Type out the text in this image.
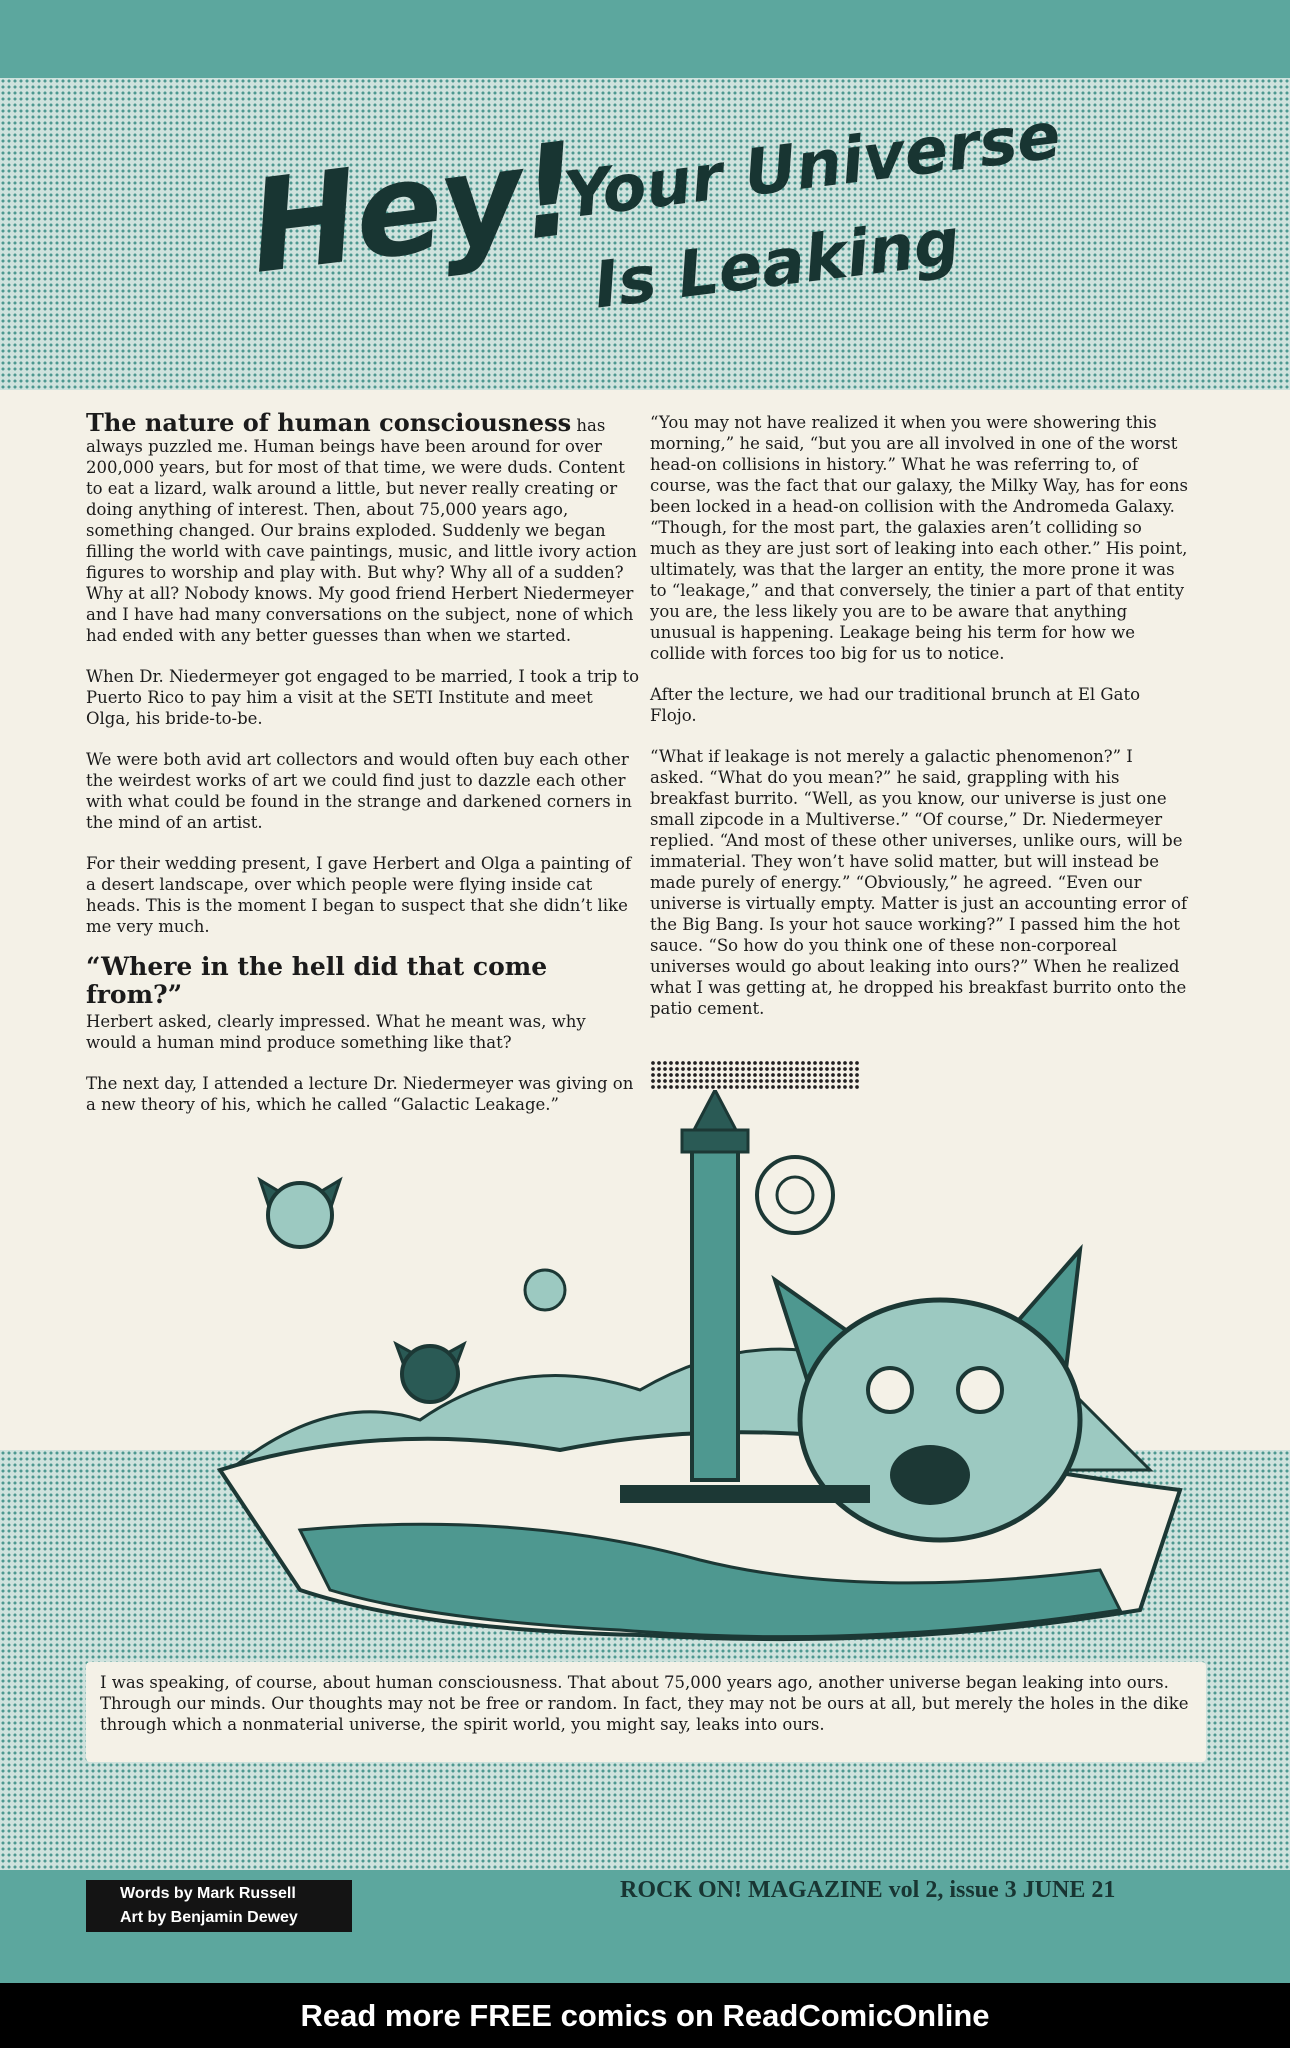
Hey!
Your Universe
Is Leaking

The nature of human consciousness has always puzzled me. Human beings have been around for over 200,000 years, but for most of that time, we were duds. Content to eat a lizard, walk around a little, but never really creating or doing anything of interest. Then, about 75,000 years ago, something changed. Our brains exploded. Suddenly we began filling the world with cave paintings, music, and little ivory action figures to worship and play with. But why? Why all of a sudden? Why at all? Nobody knows. My good friend Herbert Niedermeyer and I have had many conversations on the subject, none of which had ended with any better guesses than when we started.

When Dr. Niedermeyer got engaged to be married, I took a trip to Puerto Rico to pay him a visit at the SETI Institute and meet Olga, his bride-to-be.

We were both avid art collectors and would often buy each other the weirdest works of art we could find just to dazzle each other with what could be found in the strange and darkened corners in the mind of an artist.

For their wedding present, I gave Herbert and Olga a painting of a desert landscape, over which people were flying inside cat heads. This is the moment I began to suspect that she didn’t like me very much.

“Where in the hell did that come from?”
Herbert asked, clearly impressed. What he meant was, why would a human mind produce something like that?

The next day, I attended a lecture Dr. Niedermeyer was giving on a new theory of his, which he called “Galactic Leakage.”

“You may not have realized it when you were showering this morning,” he said, “but you are all involved in one of the worst head-on collisions in history.” What he was referring to, of course, was the fact that our galaxy, the Milky Way, has for eons been locked in a head-on collision with the Andromeda Galaxy. “Though, for the most part, the galaxies aren’t colliding so much as they are just sort of leaking into each other.” His point, ultimately, was that the larger an entity, the more prone it was to “leakage,” and that conversely, the tinier a part of that entity you are, the less likely you are to be aware that anything unusual is happening. Leakage being his term for how we collide with forces too big for us to notice.

After the lecture, we had our traditional brunch at El Gato Flojo.

“What if leakage is not merely a galactic phenomenon?” I asked. “What do you mean?” he said, grappling with his breakfast burrito. “Well, as you know, our universe is just one small zipcode in a Multiverse.” “Of course,” Dr. Niedermeyer replied. “And most of these other universes, unlike ours, will be immaterial. They won’t have solid matter, but will instead be made purely of energy.” “Obviously,” he agreed. “Even our universe is virtually empty. Matter is just an accounting error of the Big Bang. Is your hot sauce working?” I passed him the hot sauce. “So how do you think one of these non-corporeal universes would go about leaking into ours?” When he realized what I was getting at, he dropped his breakfast burrito onto the patio cement.

I was speaking, of course, about human consciousness. That about 75,000 years ago, another universe began leaking into ours. Through our minds. Our thoughts may not be free or random. In fact, they may not be ours at all, but merely the holes in the dike through which a nonmaterial universe, the spirit world, you might say, leaks into ours.
Words by Mark Russell
Art by Benjamin Dewey
ROCK ON! MAGAZINE vol 2, issue 3 JUNE 21
Read more FREE comics on ReadComicOnline
